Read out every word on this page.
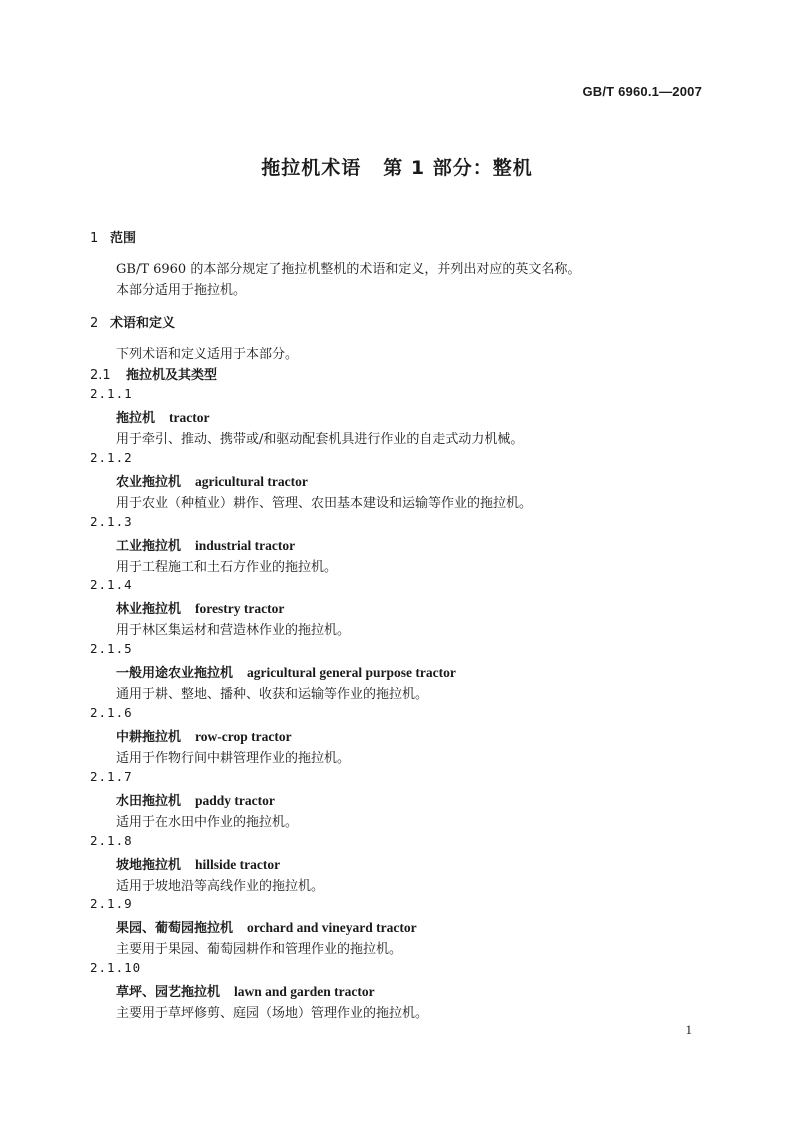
GB/T 6960.1—2007
拖拉机术语 第 1 部分：整机
1 范围
GB/T 6960 的本部分规定了拖拉机整机的术语和定义，并列出对应的英文名称。
本部分适用于拖拉机。
2 术语和定义
下列术语和定义适用于本部分。
2.1 拖拉机及其类型
2.1.1
拖拉机 tractor
用于牵引、推动、携带或/和驱动配套机具进行作业的自走式动力机械。
2.1.2
农业拖拉机 agricultural tractor
用于农业（种植业）耕作、管理、农田基本建设和运输等作业的拖拉机。
2.1.3
工业拖拉机 industrial tractor
用于工程施工和土石方作业的拖拉机。
2.1.4
林业拖拉机 forestry tractor
用于林区集运材和营造林作业的拖拉机。
2.1.5
一般用途农业拖拉机 agricultural general purpose tractor
通用于耕、整地、播种、收获和运输等作业的拖拉机。
2.1.6
中耕拖拉机 row-crop tractor
适用于作物行间中耕管理作业的拖拉机。
2.1.7
水田拖拉机 paddy tractor
适用于在水田中作业的拖拉机。
2.1.8
坡地拖拉机 hillside tractor
适用于坡地沿等高线作业的拖拉机。
2.1.9
果园、葡萄园拖拉机 orchard and vineyard tractor
主要用于果园、葡萄园耕作和管理作业的拖拉机。
2.1.10
草坪、园艺拖拉机 lawn and garden tractor
主要用于草坪修剪、庭园（场地）管理作业的拖拉机。
1
